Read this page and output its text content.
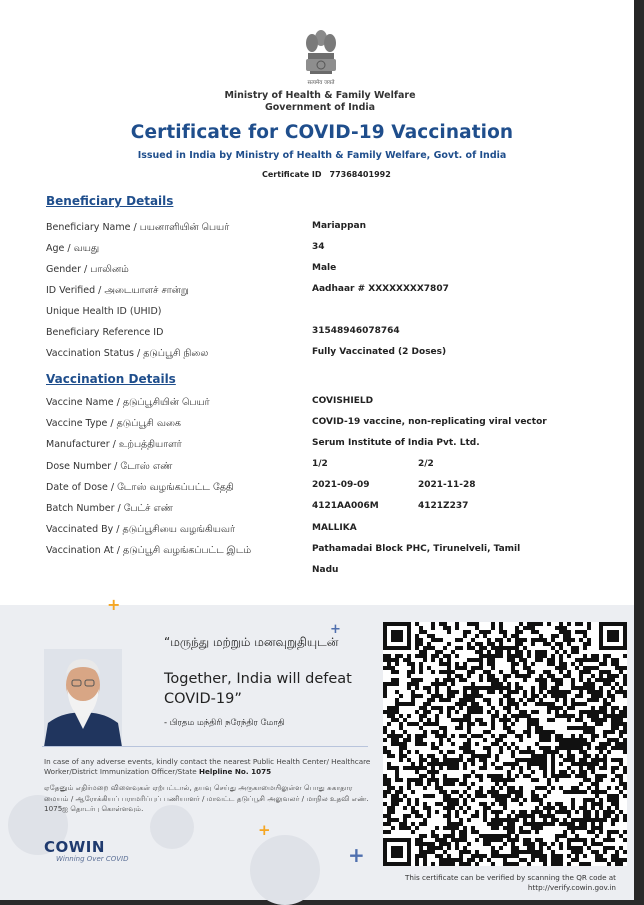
सत्यमेव जयते
Ministry of Health & Family Welfare
Government of India
Certificate for COVID-19 Vaccination
Issued in India by Ministry of Health & Family Welfare, Govt. of India
Certificate ID 77368401992
Beneficiary Details
Beneficiary Name / பயனாளியின் பெயர்	Mariappan
Age / வயது	34
Gender / பாலினம்	Male
ID Verified / அடையாளச் சான்று	Aadhaar # XXXXXXXX7807
Unique Health ID (UHID)
Beneficiary Reference ID	31548946078764
Vaccination Status / தடுப்பூசி நிலை	Fully Vaccinated (2 Doses)
Vaccination Details
Vaccine Name / தடுப்பூசியின் பெயர்	COVISHIELD
Vaccine Type / தடுப்பூசி வகை	COVID-19 vaccine, non-replicating viral vector
Manufacturer / உற்பத்தியாளர்	Serum Institute of India Pvt. Ltd.
Dose Number / டோஸ் எண்	1/2	2/2
Date of Dose / டோஸ் வழங்கப்பட்ட தேதி	2021-09-09	2021-11-28
Batch Number / பேட்ச் எண்	4121AA006M	4121Z237
Vaccinated By / தடுப்பூசியை வழங்கியவர்	MALLIKA
Vaccination At / தடுப்பூசி வழங்கப்பட்ட இடம்	Pathamadai Block PHC, Tirunelveli, Tamil
Nadu
+
+
+
+
“மருந்து மற்றும் மனவுறுதியுடன்
Together, India will defeat COVID-19”
- பிரதம மந்திரி நரேந்திர மோதி
In case of any adverse events, kindly contact the nearest Public Health Center/ Healthcare Worker/District Immunization Officer/State Helpline No. 1075
ஏதேனும் எதிர்மறை விளைவுகள் ஏற்பட்டால், தயவு செய்து அருகாமையிலுள்ள பொது சுகாதார மையம் / ஆரோக்கியப் பராமரிப்புப் பணியாளர் / மாவட்ட தடுப்பூசி அலுவலர் / மாநில உதவி எண். 1075ஐ தொடர்பு கொள்ளவும்.
COWIN
Winning Over COVID
This certificate can be verified by scanning the QR code at
http://verify.cowin.gov.in
